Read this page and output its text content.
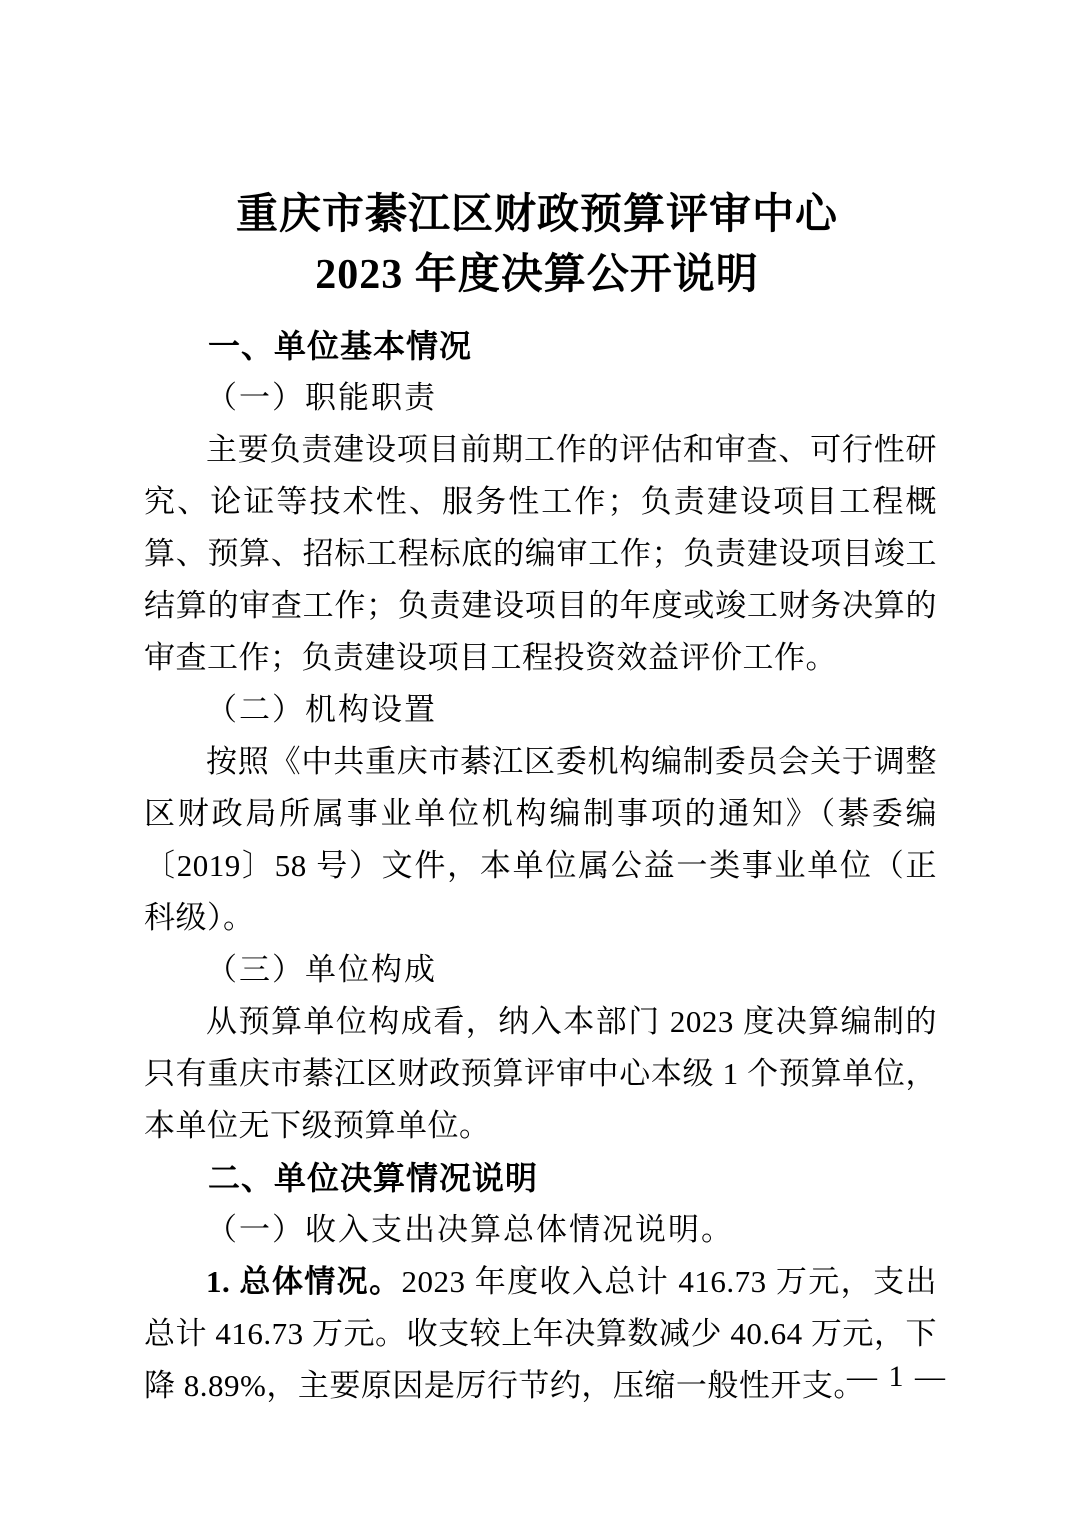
重庆市綦江区财政预算评审中心
2023 年度决算公开说明
一、单位基本情况
（一）职能职责

主要负责建设项目前期工作的评估和审查、可行性研究、论证等技术性、服务性工作；负责建设项目工程概算、预算、招标工程标底的编审工作；负责建设项目竣工结算的审查工作；负责建设项目的年度或竣工财务决算的审查工作；负责建设项目工程投资效益评价工作。

（二）机构设置

按照《中共重庆市綦江区委机构编制委员会关于调整区财政局所属事业单位机构编制事项的通知》（綦委编〔2019〕58 号）文件，本单位属公益一类事业单位（正科级）。

（三）单位构成

从预算单位构成看，纳入本部门 2023 度决算编制的只有重庆市綦江区财政预算评审中心本级 1 个预算单位，本单位无下级预算单位。

二、单位决算情况说明
（一）收入支出决算总体情况说明。

1. 总体情况。2023 年度收入总计 416.73 万元，支出总计 416.73 万元。收支较上年决算数减少 40.64 万元，下降 8.89%，主要原因是厉行节约，压缩一般性开支。

— 1 —
